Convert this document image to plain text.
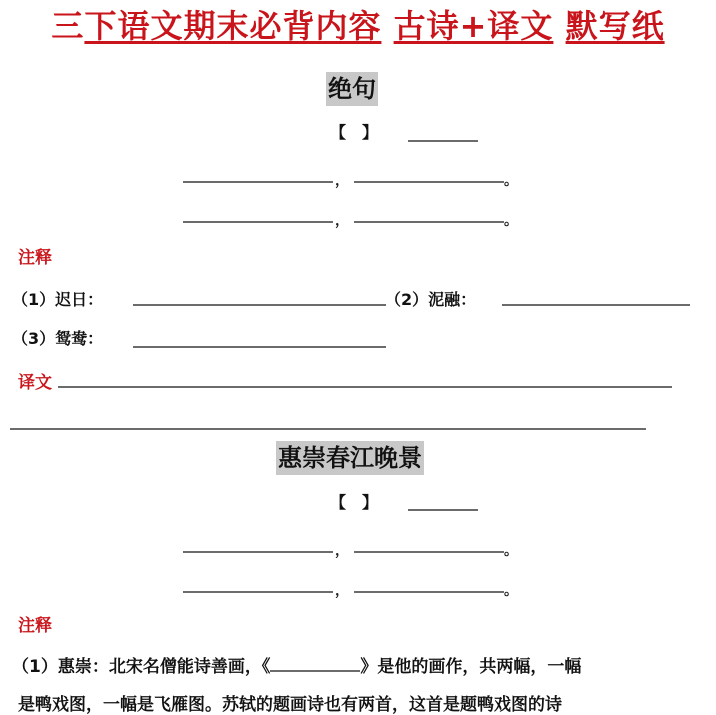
三下语文期末必背内容 古诗+译文 默写纸
绝句
【 】
，	。
，	。
注释
（1）迟日：	（2）泥融：
（3）鸳鸯：
译文
惠崇春江晚景
【 】
，	。
，	。
注释
（1）惠崇：北宋名僧能诗善画，《	》是他的画作，共两幅，一幅
是鸭戏图，一幅是飞雁图。苏轼的题画诗也有两首，这首是题鸭戏图的诗
